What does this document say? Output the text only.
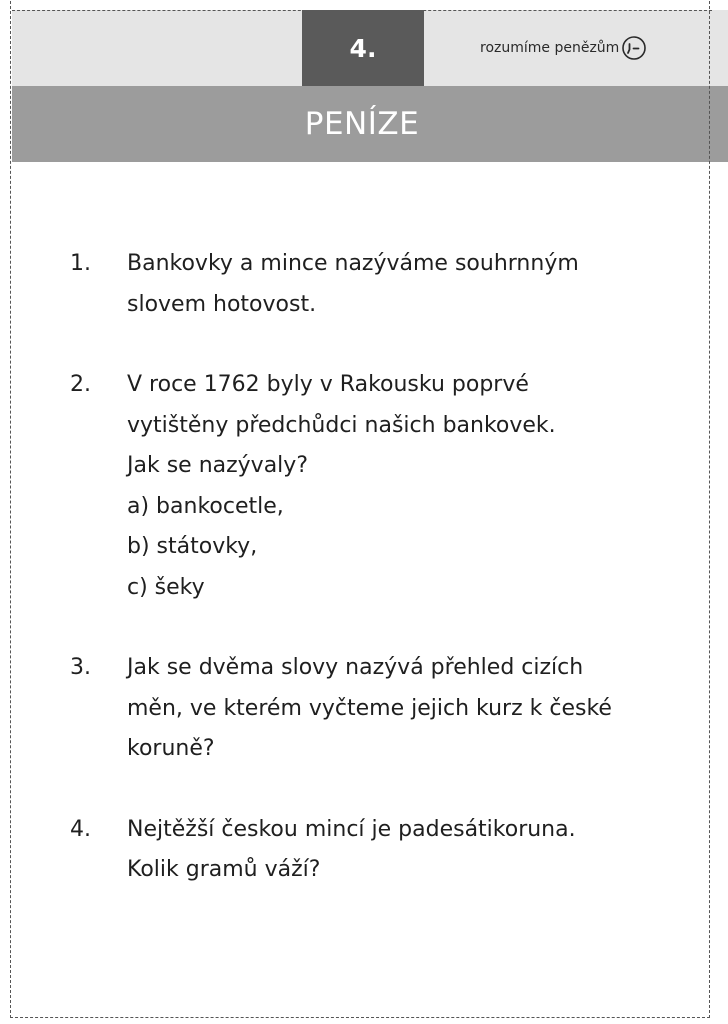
4.	rozumíme penězům
PENÍZE
1.	Bankovky a mince nazýváme souhrnným
slovem hotovost.
2.	V roce 1762 byly v Rakousku poprvé
vytištěny předchůdci našich bankovek.
Jak se nazývaly?
a) bankocetle,
b) státovky,
c) šeky
3.	Jak se dvěma slovy nazývá přehled cizích
měn, ve kterém vyčteme jejich kurz k české
koruně?
4.	Nejtěžší českou mincí je padesátikoruna.
Kolik gramů váží?
